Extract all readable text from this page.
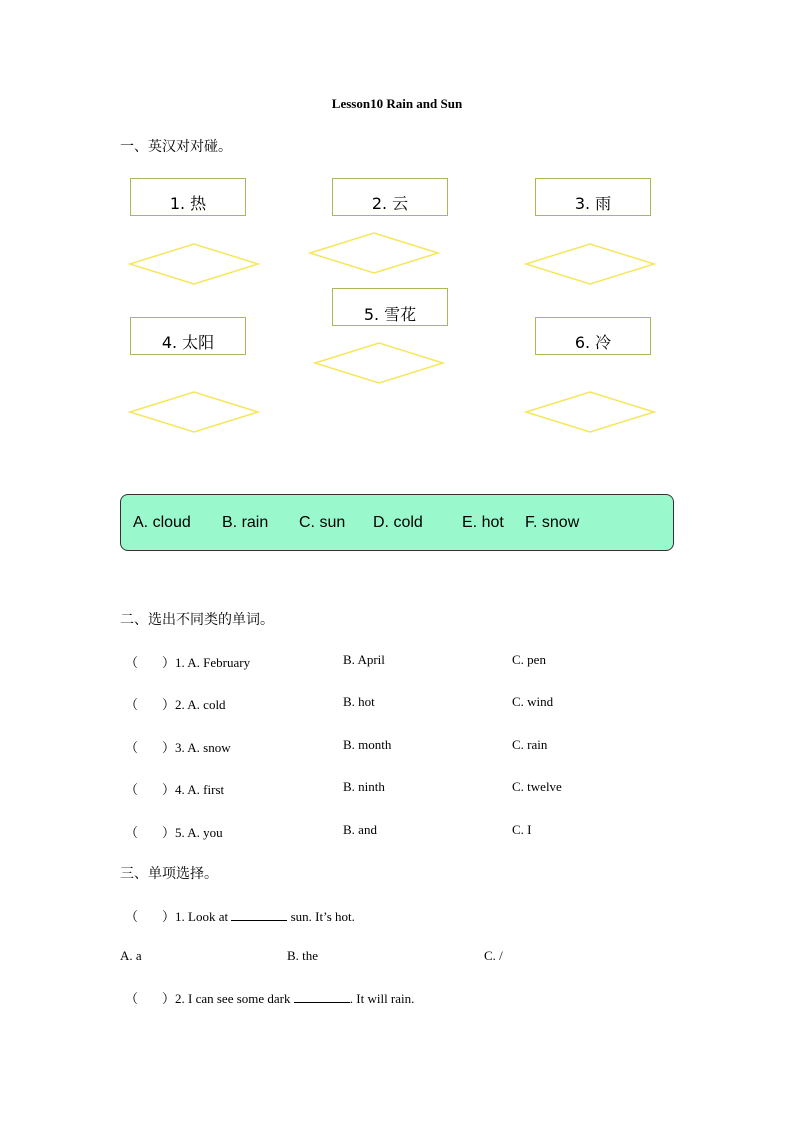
Lesson10 Rain and Sun
一、英汉对对碰。
1. 热	2. 云	3. 雨
4. 太阳
5. 雪花
6. 冷
A. cloud B. rain C. sun D. cold E. hot F. snow
二、选出不同类的单词。
（ ）1. A. February	B. April	C. pen
（ ）2. A. cold	B. hot	C. wind
（ ）3. A. snow	B. month	C. rain
（ ）4. A. first	B. ninth	C. twelve
（ ）5. A. you	B. and	C. I
三、单项选择。
（ ）1. Look at	sun. It’s hot.
A. a	B. the	C. /
（ ）2. I can see some dark	. It will rain.
